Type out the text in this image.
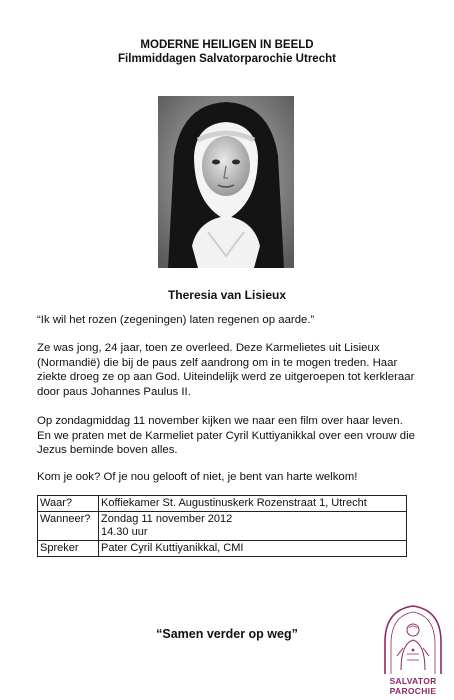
MODERNE HEILIGEN IN BEELD
Filmmiddagen Salvatorparochie Utrecht
Theresia van Lisieux
“Ik wil het rozen (zegeningen) laten regenen op aarde.”
Ze was jong, 24 jaar, toen ze overleed. Deze Karmelietes uit Lisieux (Normandië) die bij de paus zelf aandrong om in te mogen treden. Haar ziekte droeg ze op aan God. Uiteindelijk werd ze uitgeroepen tot kerkleraar door paus Johannes Paulus II.
Op zondagmiddag 11 november kijken we naar een film over haar leven. En we praten met de Karmeliet pater Cyril Kuttiyanikkal over een vrouw die Jezus beminde boven alles.
Kom je ook? Of je nou gelooft of niet, je bent van harte welkom!
Waar?	Koffiekamer St. Augustinuskerk Rozenstraat 1, Utrecht
Wanneer?	Zondag 11 november 2012
14.30 uur

Spreker	Pater Cyril Kuttiyanikkal, CMI
“Samen verder op weg”
SALVATOR
PAROCHIE
